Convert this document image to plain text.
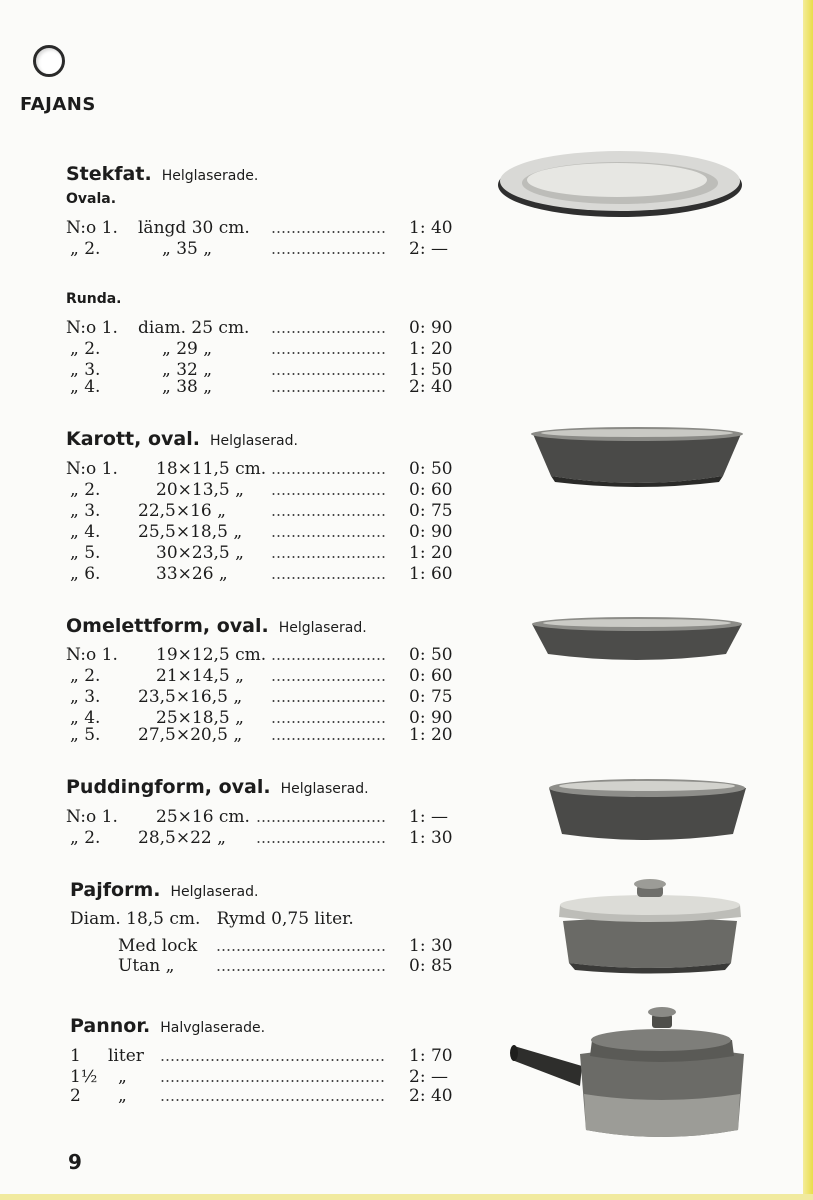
FAJANS
Stekfat. Helglaserade.
Ovala.
N:o 1. längd 30 cm.	1: 40
„ 2.	„ 35 „	2: —
Runda.
N:o 1. diam. 25 cm.	0: 90
„ 2.	„ 29 „	1: 20
„ 3.	„ 32 „	1: 50
„ 4.	„ 38 „	2: 40
Karott, oval. Helglaserad.
N:o 1. 18×11,5 cm.	0: 50
„ 2.	20×13,5 „	0: 60
„ 3. 22,5×16 „	0: 75
„ 4. 25,5×18,5 „	0: 90
„ 5.	30×23,5 „	1: 20
„ 6.	33×26 „	1: 60
Omelettform, oval. Helglaserad.
N:o 1. 19×12,5 cm.	0: 50
„ 2.	21×14,5 „	0: 60
„ 3. 23,5×16,5 „	0: 75
„ 4.	25×18,5 „	0: 90
„ 5. 27,5×20,5 „	1: 20
Puddingform, oval. Helglaserad.
N:o 1. 25×16 cm.	1: —
„ 2. 28,5×22 „	1: 30
Pajform. Helglaserad.
Diam. 18,5 cm.   Rymd 0,75 liter.
Med lock	1: 30
Utan „	0: 85
Pannor. Halvglaserade.
1 liter	1: 70
1½ „	2: —
2 „	2: 40
9
